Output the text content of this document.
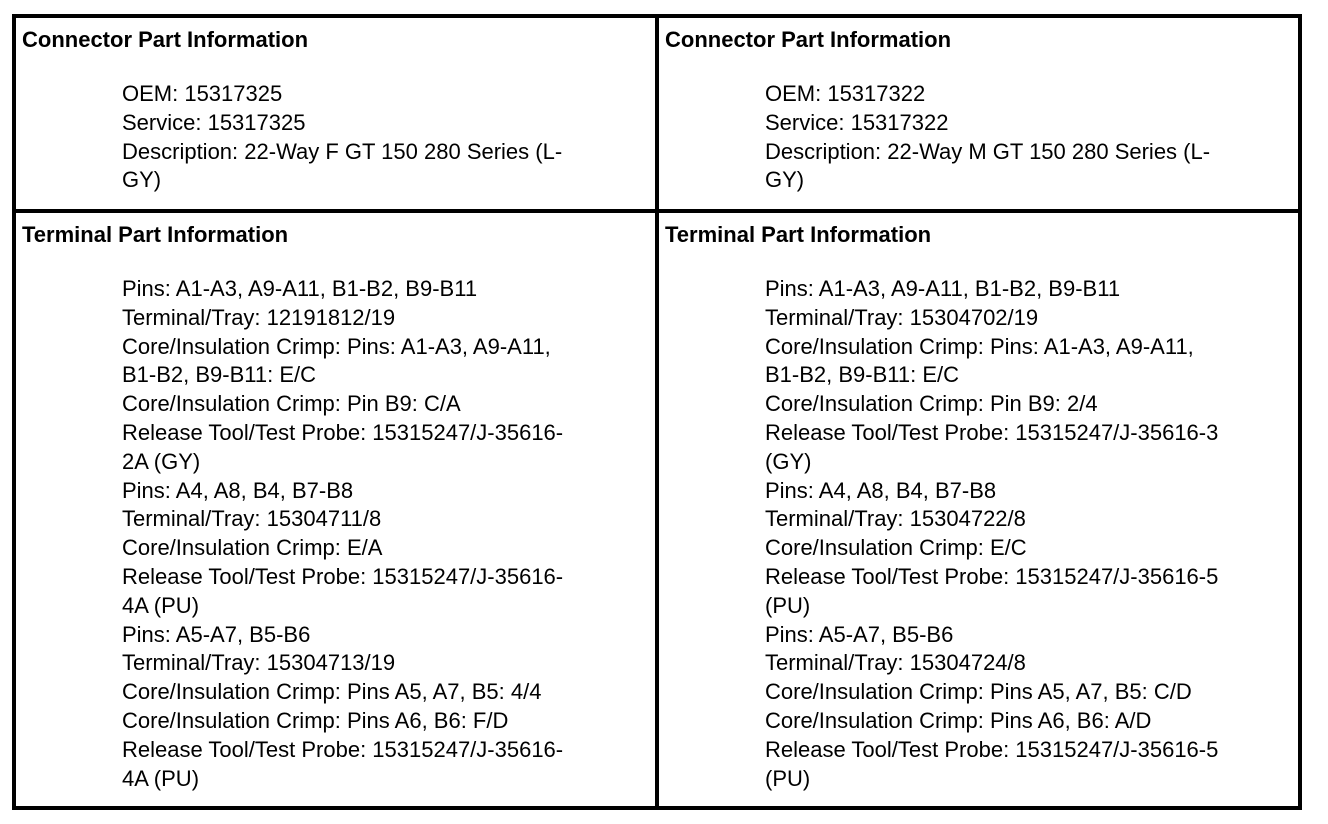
Connector Part Information

OEM: 15317325
Service: 15317325
Description: 22-Way F GT 150 280 Series (L-
GY)

Connector Part Information

OEM: 15317322
Service: 15317322
Description: 22-Way M GT 150 280 Series (L-
GY)

Terminal Part Information

Pins: A1-A3, A9-A11, B1-B2, B9-B11
Terminal/Tray: 12191812/19
Core/Insulation Crimp: Pins: A1-A3, A9-A11,
B1-B2, B9-B11: E/C
Core/Insulation Crimp: Pin B9: C/A
Release Tool/Test Probe: 15315247/J-35616-
2A (GY)
Pins: A4, A8, B4, B7-B8
Terminal/Tray: 15304711/8
Core/Insulation Crimp: E/A
Release Tool/Test Probe: 15315247/J-35616-
4A (PU)
Pins: A5-A7, B5-B6
Terminal/Tray: 15304713/19
Core/Insulation Crimp: Pins A5, A7, B5: 4/4
Core/Insulation Crimp: Pins A6, B6: F/D
Release Tool/Test Probe: 15315247/J-35616-
4A (PU)

Terminal Part Information

Pins: A1-A3, A9-A11, B1-B2, B9-B11
Terminal/Tray: 15304702/19
Core/Insulation Crimp: Pins: A1-A3, A9-A11,
B1-B2, B9-B11: E/C
Core/Insulation Crimp: Pin B9: 2/4
Release Tool/Test Probe: 15315247/J-35616-3
(GY)
Pins: A4, A8, B4, B7-B8
Terminal/Tray: 15304722/8
Core/Insulation Crimp: E/C
Release Tool/Test Probe: 15315247/J-35616-5
(PU)
Pins: A5-A7, B5-B6
Terminal/Tray: 15304724/8
Core/Insulation Crimp: Pins A5, A7, B5: C/D
Core/Insulation Crimp: Pins A6, B6: A/D
Release Tool/Test Probe: 15315247/J-35616-5
(PU)
